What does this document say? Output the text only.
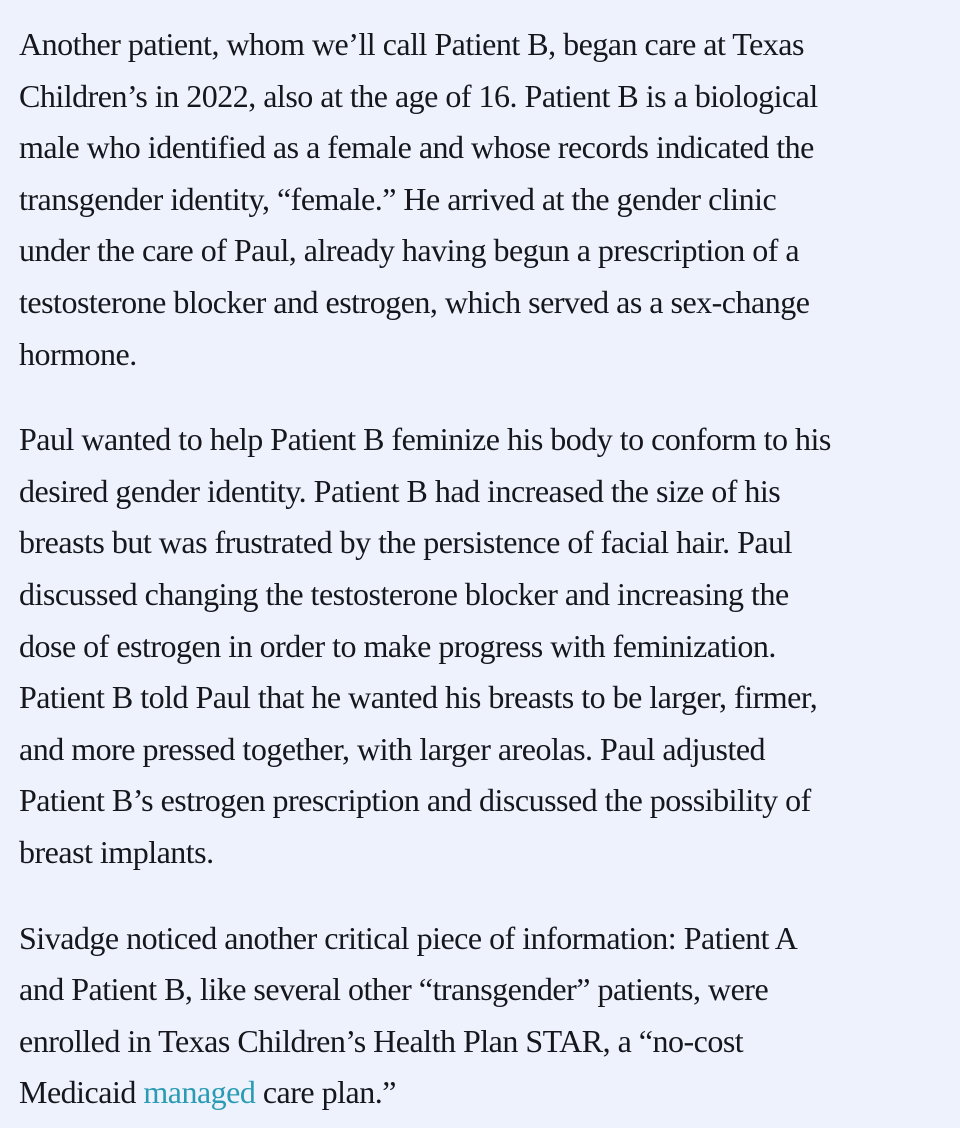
Another patient, whom we’ll call Patient B, began care at Texas
Children’s in 2022, also at the age of 16. Patient B is a biological
male who identified as a female and whose records indicated the
transgender identity, “female.” He arrived at the gender clinic
under the care of Paul, already having begun a prescription of a
testosterone blocker and estrogen, which served as a sex-change
hormone.

Paul wanted to help Patient B feminize his body to conform to his
desired gender identity. Patient B had increased the size of his
breasts but was frustrated by the persistence of facial hair. Paul
discussed changing the testosterone blocker and increasing the
dose of estrogen in order to make progress with feminization.
Patient B told Paul that he wanted his breasts to be larger, firmer,
and more pressed together, with larger areolas. Paul adjusted
Patient B’s estrogen prescription and discussed the possibility of
breast implants.

Sivadge noticed another critical piece of information: Patient A
and Patient B, like several other “transgender” patients, were
enrolled in Texas Children’s Health Plan STAR, a “no-cost
Medicaid managed care plan.”
